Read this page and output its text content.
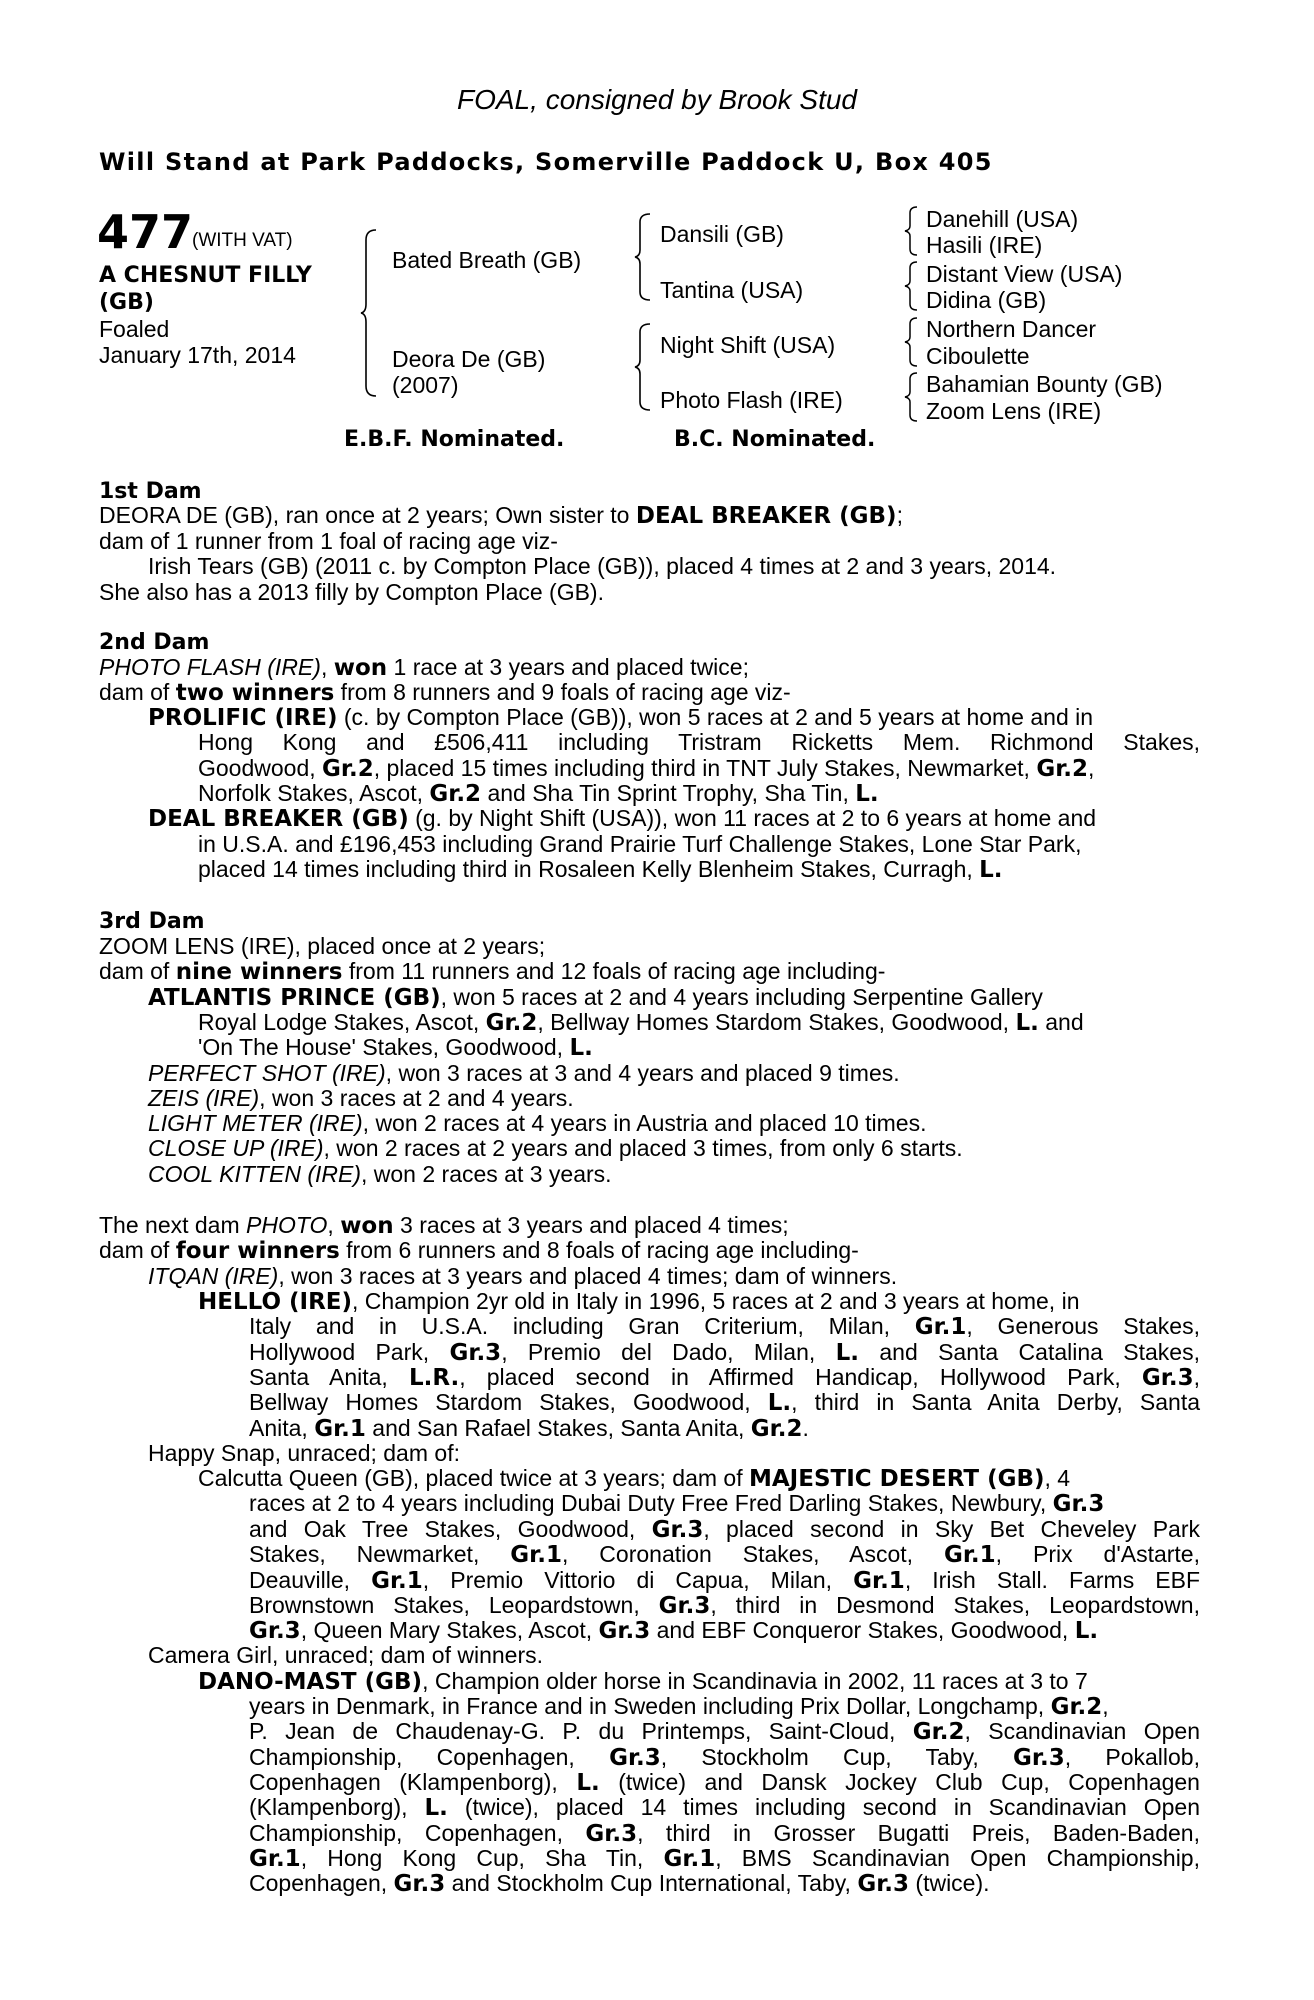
FOAL, consigned by Brook Stud
Will Stand at Park Paddocks, Somerville Paddock U, Box 405
477
(WITH VAT)
A CHESNUT FILLY
(GB)
Foaled
January 17th, 2014
Bated Breath (GB)
Deora De (GB)
(2007)
Dansili (GB)
Tantina (USA)
Night Shift (USA)
Photo Flash (IRE)
Danehill (USA)
Hasili (IRE)
Distant View (USA)
Didina (GB)
Northern Dancer
Ciboulette
Bahamian Bounty (GB)
Zoom Lens (IRE)
E.B.F. Nominated.	B.C. Nominated.
1st Dam
DEORA DE (GB), ran once at 2 years; Own sister to DEAL BREAKER (GB);
dam of 1 runner from 1 foal of racing age viz-
Irish Tears (GB) (2011 c. by Compton Place (GB)), placed 4 times at 2 and 3 years, 2014.
She also has a 2013 filly by Compton Place (GB).
2nd Dam
PHOTO FLASH (IRE), won 1 race at 3 years and placed twice;
dam of two winners from 8 runners and 9 foals of racing age viz-
PROLIFIC (IRE) (c. by Compton Place (GB)), won 5 races at 2 and 5 years at home and in
Hong Kong and £506,411 including Tristram Ricketts Mem. Richmond Stakes,
Goodwood, Gr.2, placed 15 times including third in TNT July Stakes, Newmarket, Gr.2,
Norfolk Stakes, Ascot, Gr.2 and Sha Tin Sprint Trophy, Sha Tin, L.
DEAL BREAKER (GB) (g. by Night Shift (USA)), won 11 races at 2 to 6 years at home and
in U.S.A. and £196,453 including Grand Prairie Turf Challenge Stakes, Lone Star Park,
placed 14 times including third in Rosaleen Kelly Blenheim Stakes, Curragh, L.
3rd Dam
ZOOM LENS (IRE), placed once at 2 years;
dam of nine winners from 11 runners and 12 foals of racing age including-
ATLANTIS PRINCE (GB), won 5 races at 2 and 4 years including Serpentine Gallery
Royal Lodge Stakes, Ascot, Gr.2, Bellway Homes Stardom Stakes, Goodwood, L. and
'On The House' Stakes, Goodwood, L.
PERFECT SHOT (IRE), won 3 races at 3 and 4 years and placed 9 times.
ZEIS (IRE), won 3 races at 2 and 4 years.
LIGHT METER (IRE), won 2 races at 4 years in Austria and placed 10 times.
CLOSE UP (IRE), won 2 races at 2 years and placed 3 times, from only 6 starts.
COOL KITTEN (IRE), won 2 races at 3 years.
The next dam PHOTO, won 3 races at 3 years and placed 4 times;
dam of four winners from 6 runners and 8 foals of racing age including-
ITQAN (IRE), won 3 races at 3 years and placed 4 times; dam of winners.
HELLO (IRE), Champion 2yr old in Italy in 1996, 5 races at 2 and 3 years at home, in
Italy and in U.S.A. including Gran Criterium, Milan, Gr.1, Generous Stakes,
Hollywood Park, Gr.3, Premio del Dado, Milan, L. and Santa Catalina Stakes,
Santa Anita, L.R., placed second in Affirmed Handicap, Hollywood Park, Gr.3,
Bellway Homes Stardom Stakes, Goodwood, L., third in Santa Anita Derby, Santa
Anita, Gr.1 and San Rafael Stakes, Santa Anita, Gr.2.
Happy Snap, unraced; dam of:
Calcutta Queen (GB), placed twice at 3 years; dam of MAJESTIC DESERT (GB), 4
races at 2 to 4 years including Dubai Duty Free Fred Darling Stakes, Newbury, Gr.3
and Oak Tree Stakes, Goodwood, Gr.3, placed second in Sky Bet Cheveley Park
Stakes, Newmarket, Gr.1, Coronation Stakes, Ascot, Gr.1, Prix d'Astarte,
Deauville, Gr.1, Premio Vittorio di Capua, Milan, Gr.1, Irish Stall. Farms EBF
Brownstown Stakes, Leopardstown, Gr.3, third in Desmond Stakes, Leopardstown,
Gr.3, Queen Mary Stakes, Ascot, Gr.3 and EBF Conqueror Stakes, Goodwood, L.
Camera Girl, unraced; dam of winners.
DANO-MAST (GB), Champion older horse in Scandinavia in 2002, 11 races at 3 to 7
years in Denmark, in France and in Sweden including Prix Dollar, Longchamp, Gr.2,
P. Jean de Chaudenay-G. P. du Printemps, Saint-Cloud, Gr.2, Scandinavian Open
Championship, Copenhagen, Gr.3, Stockholm Cup, Taby, Gr.3, Pokallob,
Copenhagen (Klampenborg), L. (twice) and Dansk Jockey Club Cup, Copenhagen
(Klampenborg), L. (twice), placed 14 times including second in Scandinavian Open
Championship, Copenhagen, Gr.3, third in Grosser Bugatti Preis, Baden-Baden,
Gr.1, Hong Kong Cup, Sha Tin, Gr.1, BMS Scandinavian Open Championship,
Copenhagen, Gr.3 and Stockholm Cup International, Taby, Gr.3 (twice).
